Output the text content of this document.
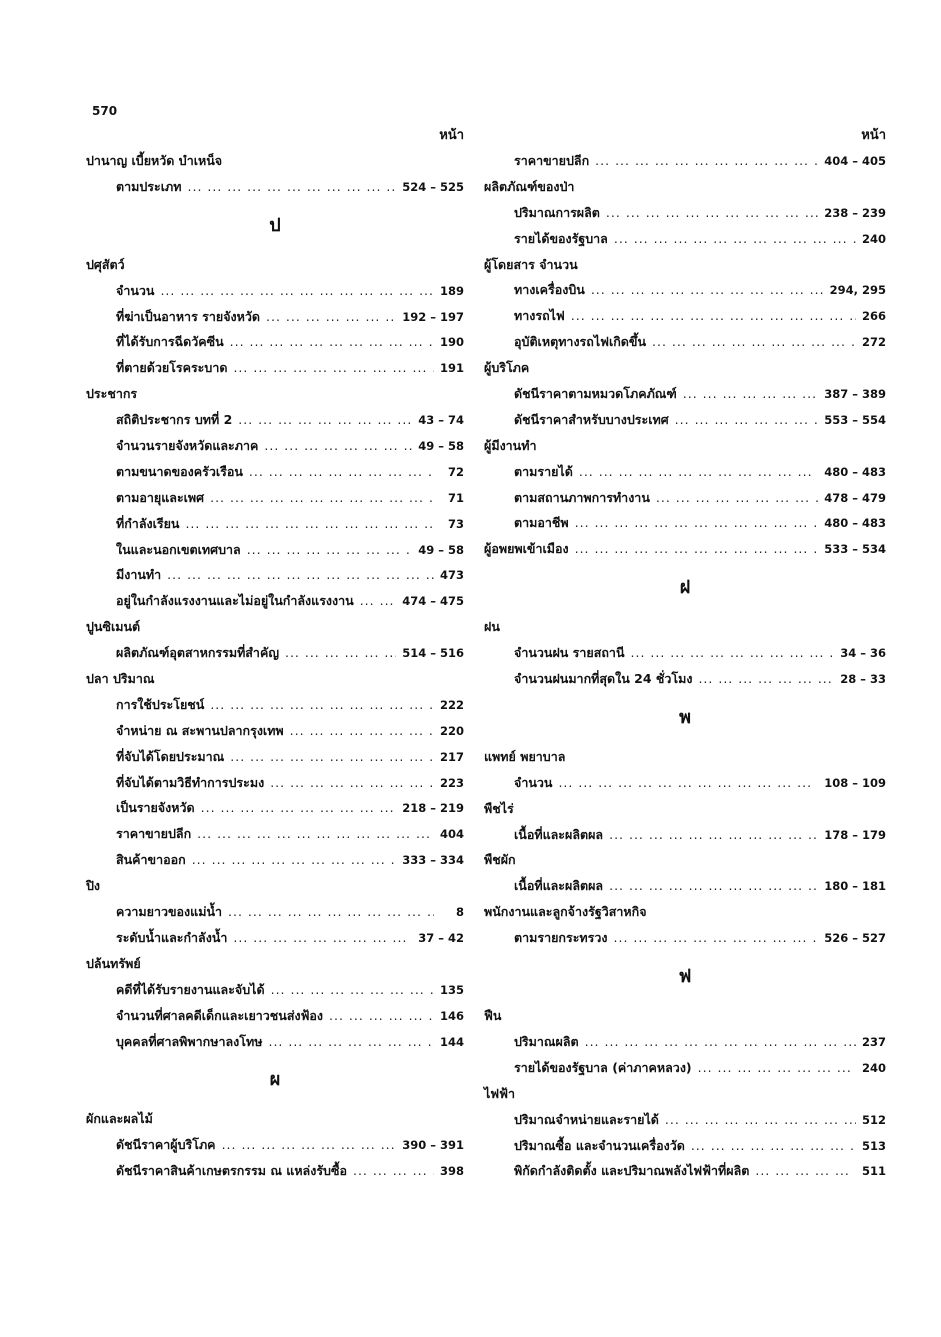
570
หน้า
ปานาญ เบี้ยหวัด บำเหน็จ
ตามประเภท ... .	524 – 525
ป
ปศุสัตว์
จำนวน ... .	189
ที่ฆ่าเป็นอาหาร รายจังหวัด ... .	192 – 197
ที่ได้รับการฉีดวัคซีน ... .	190
ที่ตายด้วยโรคระบาด ... .	191
ประชากร
สถิติประชากร บทที่ 2 ... .	43 – 74
จำนวนรายจังหวัดและภาค ... .	49 – 58
ตามขนาดของครัวเรือน ... .	72
ตามอายุและเพศ ... .	71
ที่กำลังเรียน ... .	73
ในและนอกเขตเทศบาล ... .	49 – 58
มีงานทำ ... .	473
อยู่ในกำลังแรงงานและไม่อยู่ในกำลังแรงงาน ... .	474 – 475
ปูนซิเมนต์
ผลิตภัณฑ์อุตสาหกรรมที่สำคัญ ... .	514 – 516
ปลา ปริมาณ
การใช้ประโยชน์ ... .	222
จำหน่าย ณ สะพานปลากรุงเทพ ... .	220
ที่จับได้โดยประมาณ ... .	217
ที่จับได้ตามวิธีทำการประมง ... .	223
เป็นรายจังหวัด ... .	218 – 219
ราคาขายปลีก ... .	404
สินค้าขาออก ... .	333 – 334
ปิง
ความยาวของแม่น้ำ ... .	8
ระดับน้ำและกำลังน้ำ ... .	37 – 42
ปล้นทรัพย์
คดีที่ได้รับรายงานและจับได้ ... .	135
จำนวนที่ศาลคดีเด็กและเยาวชนส่งฟ้อง ... .	146
บุคคลที่ศาลพิพากษาลงโทษ ... .	144
ผ
ผักและผลไม้
ดัชนีราคาผู้บริโภค ... .	390 – 391
ดัชนีราคาสินค้าเกษตรกรรม ณ แหล่งรับซื้อ ... .	398
หน้า
ราคาขายปลีก ... .	404 – 405
ผลิตภัณฑ์ของป่า
ปริมาณการผลิต ... .	238 – 239
รายได้ของรัฐบาล ... .	240
ผู้โดยสาร จำนวน
ทางเครื่องบิน ... .	294, 295
ทางรถไฟ ... .	266
อุบัติเหตุทางรถไฟเกิดขึ้น ... .	272
ผู้บริโภค
ดัชนีราคาตามหมวดโภคภัณฑ์ ... .	387 – 389
ดัชนีราคาสำหรับบางประเทศ ... .	553 – 554
ผู้มีงานทำ
ตามรายได้ ... .	480 – 483
ตามสถานภาพการทำงาน ... .	478 – 479
ตามอาชีพ ... .	480 – 483
ผู้อพยพเข้าเมือง ... .	533 – 534
ฝ
ฝน
จำนวนฝน รายสถานี ... .	34 – 36
จำนวนฝนมากที่สุดใน 24 ชั่วโมง ... .	28 – 33
พ
แพทย์ พยาบาล
จำนวน ... .	108 – 109
พืชไร่
เนื้อที่และผลิตผล ... .	178 – 179
พืชผัก
เนื้อที่และผลิตผล ... .	180 – 181
พนักงานและลูกจ้างรัฐวิสาหกิจ
ตามรายกระทรวง ... .	526 – 527
ฟ
ฟืน
ปริมาณผลิต ... .	237
รายได้ของรัฐบาล (ค่าภาคหลวง) ... .	240
ไฟฟ้า
ปริมาณจำหน่ายและรายได้ ... .	512
ปริมาณซื้อ และจำนวนเครื่องวัด ... .	513
พิกัดกำลังติดตั้ง และปริมาณพลังไฟฟ้าที่ผลิต ... .	511
